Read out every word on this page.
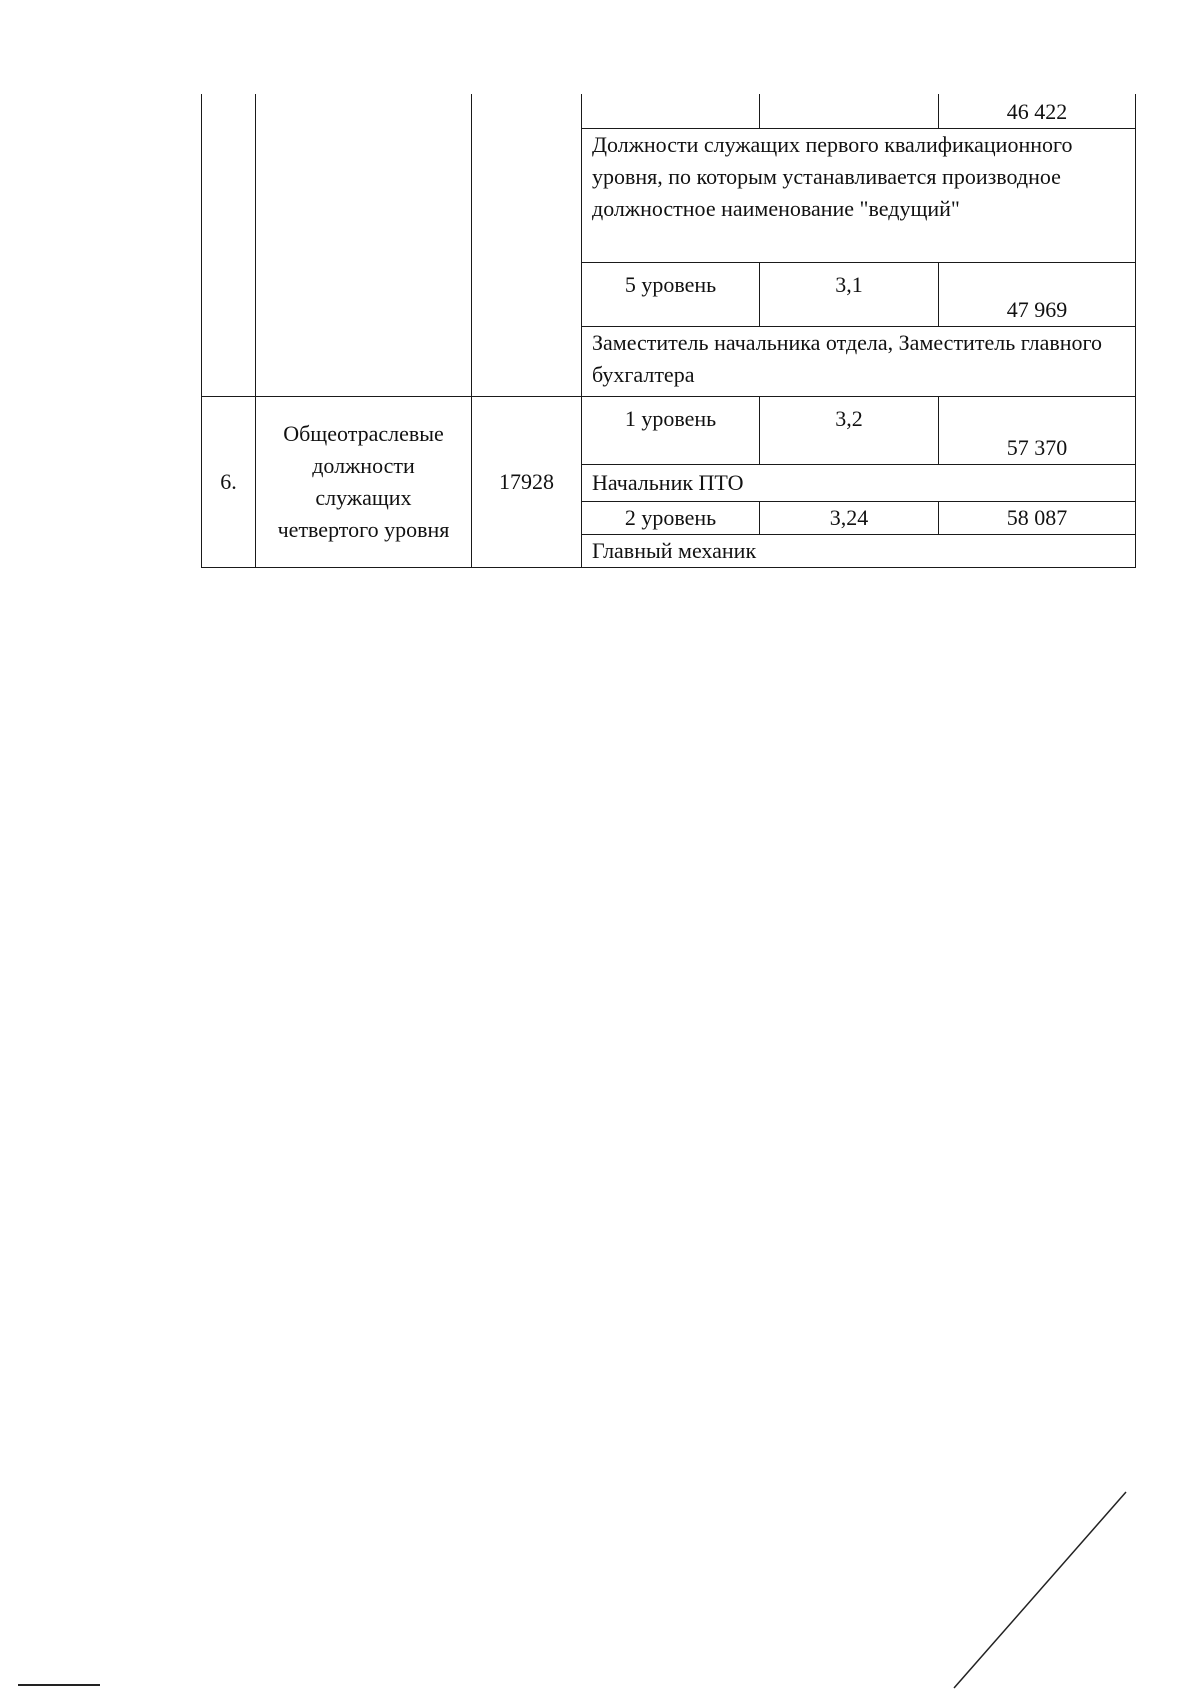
					46 422
			Должности служащих первого квалификационного уровня, по которым устанавливается производное должностное наименование "ведущий"		
			5 уровень	3,1	47 969
			Заместитель начальника отдела, Заместитель главного бухгалтера		

6.	Общеотраслевые должности служащих четвертого уровня	17928	1 уровень	3,2	57 370
			Начальник ПТО		
			2 уровень	3,24	58 087
			Главный механик		
